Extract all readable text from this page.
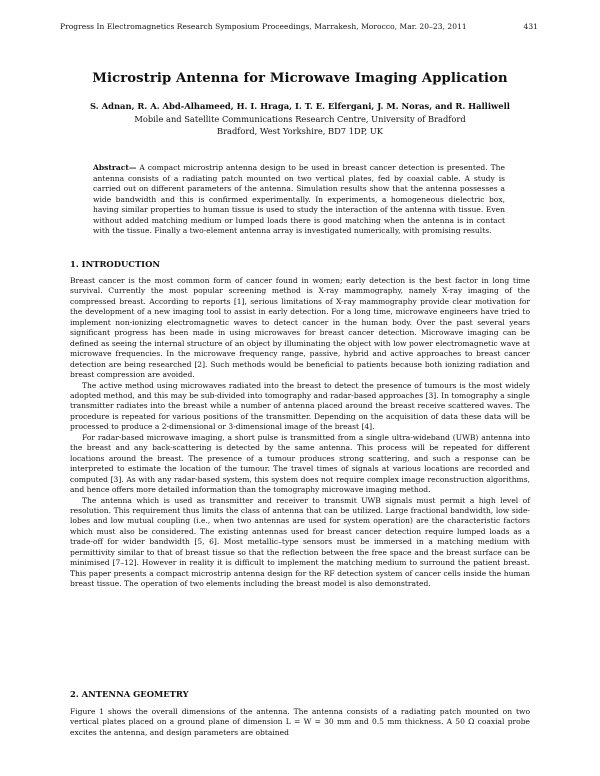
Progress In Electromagnetics Research Symposium Proceedings, Marrakesh, Morocco, Mar. 20–23, 2011	431
Microstrip Antenna for Microwave Imaging Application
S. Adnan, R. A. Abd-Alhameed, H. I. Hraga, I. T. E. Elfergani, J. M. Noras, and R. Halliwell
Mobile and Satellite Communications Research Centre, University of Bradford
Bradford, West Yorkshire, BD7 1DP, UK
Abstract— A compact microstrip antenna design to be used in breast cancer detection is presented. The antenna consists of a radiating patch mounted on two vertical plates, fed by coaxial cable. A study is carried out on different parameters of the antenna. Simulation results show that the antenna possesses a wide bandwidth and this is confirmed experimentally. In experiments, a homogeneous dielectric box, having similar properties to human tissue is used to study the interaction of the antenna with tissue. Even without added matching medium or lumped loads there is good matching when the antenna is in contact with the tissue. Finally a two-element antenna array is investigated numerically, with promising results.
1. INTRODUCTION

Breast cancer is the most common form of cancer found in women; early detection is the best factor in long time survival. Currently the most popular screening method is X-ray mammography, namely X-ray imaging of the compressed breast. According to reports [1], serious limitations of X-ray mammography provide clear motivation for the development of a new imaging tool to assist in early detection. For a long time, microwave engineers have tried to implement non-ionizing electromagnetic waves to detect cancer in the human body. Over the past several years significant progress has been made in using microwaves for breast cancer detection. Microwave imaging can be defined as seeing the internal structure of an object by illuminating the object with low power electromagnetic wave at microwave frequencies. In the microwave frequency range, passive, hybrid and active approaches to breast cancer detection are being researched [2]. Such methods would be beneficial to patients because both ionizing radiation and breast compression are avoided.

The active method using microwaves radiated into the breast to detect the presence of tumours is the most widely adopted method, and this may be sub-divided into tomography and radar-based approaches [3]. In tomography a single transmitter radiates into the breast while a number of antenna placed around the breast receive scattered waves. The procedure is repeated for various positions of the transmitter. Depending on the acquisition of data these data will be processed to produce a 2-dimensional or 3-dimensional image of the breast [4].

For radar-based microwave imaging, a short pulse is transmitted from a single ultra-wideband (UWB) antenna into the breast and any back-scattering is detected by the same antenna. This process will be repeated for different locations around the breast. The presence of a tumour produces strong scattering, and such a response can be interpreted to estimate the location of the tumour. The travel times of signals at various locations are recorded and computed [3]. As with any radar-based system, this system does not require complex image reconstruction algorithms, and hence offers more detailed information than the tomography microwave imaging method.

The antenna which is used as transmitter and receiver to transmit UWB signals must permit a high level of resolution. This requirement thus limits the class of antenna that can be utilized. Large fractional bandwidth, low side-lobes and low mutual coupling (i.e., when two antennas are used for system operation) are the characteristic factors which must also be considered. The existing antennas used for breast cancer detection require lumped loads as a trade-off for wider bandwidth [5, 6]. Most metallic–type sensors must be immersed in a matching medium with permittivity similar to that of breast tissue so that the reflection between the free space and the breast surface can be minimised [7–12]. However in reality it is difficult to implement the matching medium to surround the patient breast. This paper presents a compact microstrip antenna design for the RF detection system of cancer cells inside the human breast tissue. The operation of two elements including the breast model is also demonstrated.

2. ANTENNA GEOMETRY

Figure 1 shows the overall dimensions of the antenna. The antenna consists of a radiating patch mounted on two vertical plates placed on a ground plane of dimension L = W = 30 mm and 0.5 mm thickness. A 50 Ω coaxial probe excites the antenna, and design parameters are obtained
